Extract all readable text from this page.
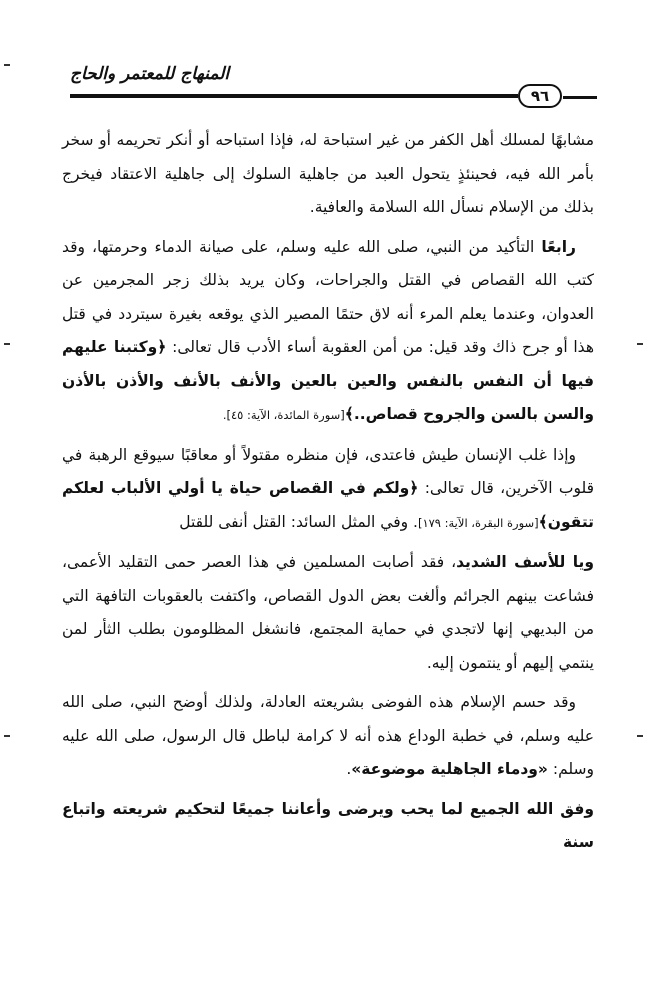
المنهاج للمعتمر والحاج
٩٦

مشابهًا لمسلك أهل الكفر من غير استباحة له، فإذا استباحه أو أنكر تحريمه أو سخر بأمر الله فيه، فحينئذٍ يتحول العبد من جاهلية السلوك إلى جاهلية الاعتقاد فيخرج بذلك من الإسلام نسأل الله السلامة والعافية.

رابعًا التأكيد من النبي، صلى الله عليه وسلم، على صيانة الدماء وحرمتها، وقد كتب الله القصاص في القتل والجراحات، وكان يريد بذلك زجر المجرمين عن العدوان، وعندما يعلم المرء أنه لاق حتمًا المصير الذي يوقعه بغيرة سيتردد في قتل هذا أو جرح ذاك وقد قيل: من أمن العقوبة أساء الأدب قال تعالى: ﴿وكتبنا عليهم فيها أن النفس بالنفس والعين بالعين والأنف بالأنف والأذن بالأذن والسن بالسن والجروح قصاص..﴾[سورة المائدة، الآية: ٤٥].

وإذا غلب الإنسان طيش فاعتدى، فإن منظره مقتولاً أو معاقبًا سيوقع الرهبة في قلوب الآخرين، قال تعالى: ﴿ولكم في القصاص حياة يا أولي الألباب لعلكم تتقون﴾[سورة البقرة، الآية: ١٧٩]. وفي المثل السائد: القتل أنفى للقتل

ويا للأسف الشديد، فقد أصابت المسلمين في هذا العصر حمى التقليد الأعمى، فشاعت بينهم الجرائم وألغت بعض الدول القصاص، واكتفت بالعقوبات التافهة التي من البديهي إنها لاتجدي في حماية المجتمع، فانشغل المظلومون بطلب الثأر لمن ينتمي إليهم أو ينتمون إليه.

وقد حسم الإسلام هذه الفوضى بشريعته العادلة، ولذلك أوضح النبي، صلى الله عليه وسلم، في خطبة الوداع هذه أنه لا كرامة لباطل قال الرسول، صلى الله عليه وسلم: «ودماء الجاهلية موضوعة».

وفق الله الجميع لما يحب ويرضى وأعاننا جميعًا لتحكيم شريعته واتباع سنة
